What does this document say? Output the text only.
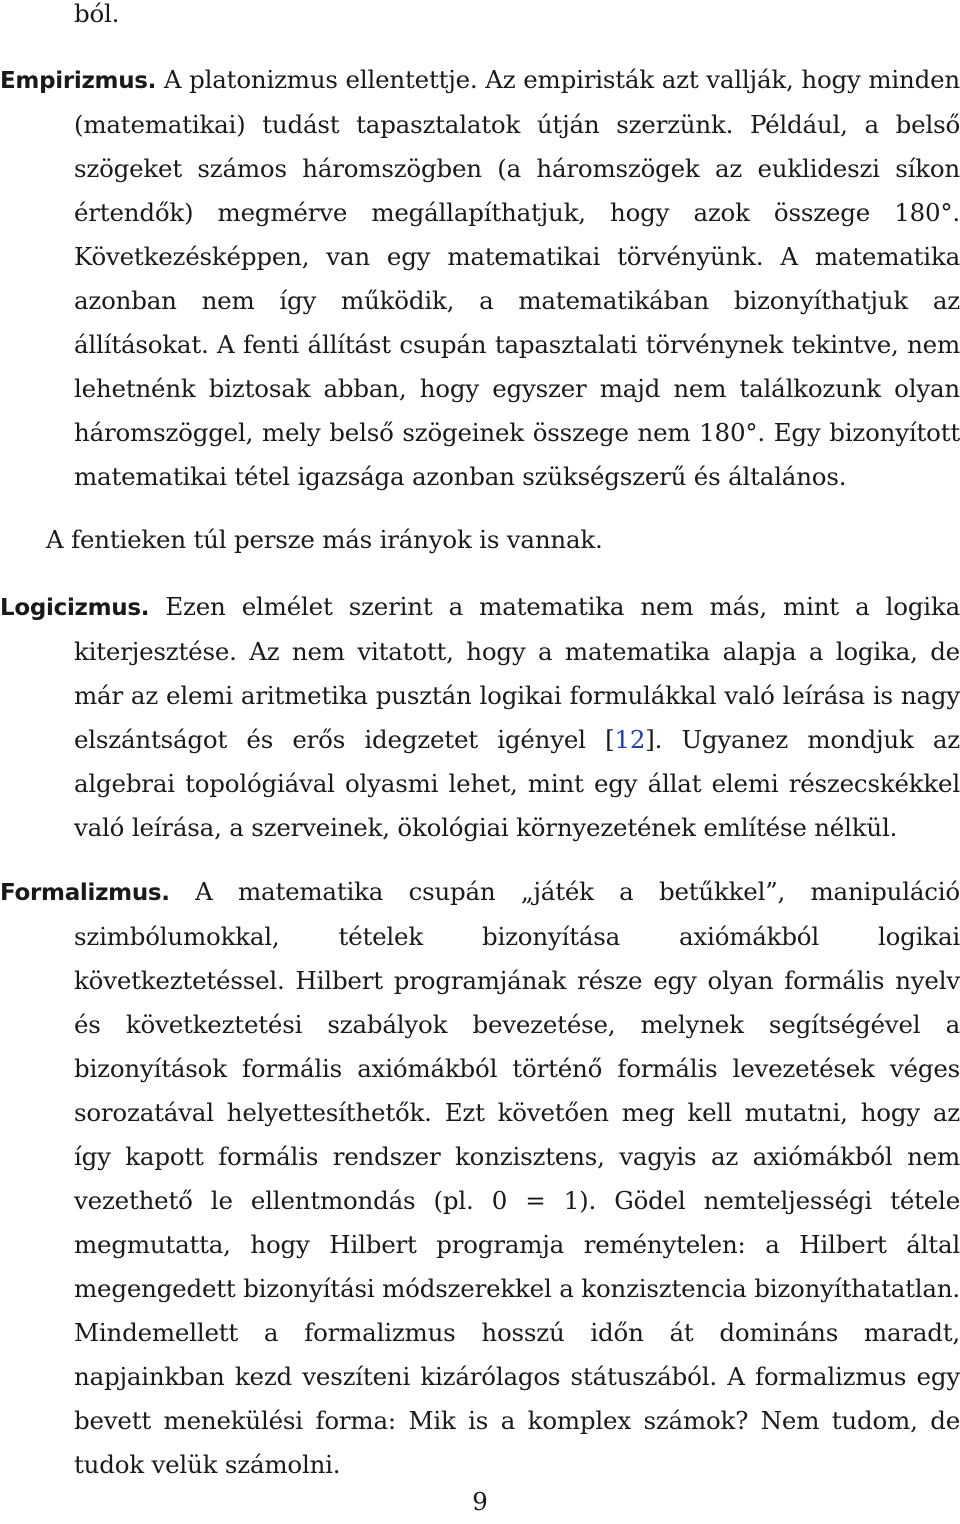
ból.

Empirizmus. A platonizmus ellentettje. Az empiristák azt vallják, hogy minden (matematikai) tudást tapasztalatok útján szerzünk. Például, a belső szögeket számos háromszögben (a háromszögek az euklideszi síkon értendők) megmérve megállapíthatjuk, hogy azok összege 180°. Következésképpen, van egy matematikai törvényünk. A matematika azonban nem így működik, a matematikában bizonyíthatjuk az állításokat. A fenti állítást csupán tapasztalati törvénynek tekintve, nem lehetnénk biztosak abban, hogy egyszer majd nem találkozunk olyan háromszöggel, mely belső szögeinek összege nem 180°. Egy bizonyított matematikai tétel igazsága azonban szükségszerű és általános.

A fentieken túl persze más irányok is vannak.

Logicizmus. Ezen elmélet szerint a matematika nem más, mint a logika kiterjesztése. Az nem vitatott, hogy a matematika alapja a logika, de már az elemi aritmetika pusztán logikai formulákkal való leírása is nagy elszántságot és erős idegzetet igényel [12]. Ugyanez mondjuk az algebrai topológiával olyasmi lehet, mint egy állat elemi részecskékkel való leírása, a szerveinek, ökológiai környezetének említése nélkül.

Formalizmus. A matematika csupán „játék a betűkkel”, manipuláció szimbólumokkal, tételek bizonyítása axiómákból logikai következtetéssel. Hilbert programjának része egy olyan formális nyelv és következtetési szabályok bevezetése, melynek segítségével a bizonyítások formális axiómákból történő formális levezetések véges sorozatával helyettesíthetők. Ezt követően meg kell mutatni, hogy az így kapott formális rendszer konzisztens, vagyis az axiómákból nem vezethető le ellentmondás (pl. 0 = 1). Gödel nemteljességi tétele megmutatta, hogy Hilbert programja reménytelen: a Hilbert által megengedett bizonyítási módszerekkel a konzisztencia bizonyíthatatlan. Mindemellett a formalizmus hosszú időn át domináns maradt, napjainkban kezd veszíteni kizárólagos státuszából. A formalizmus egy bevett menekülési forma: Mik is a komplex számok? Nem tudom, de tudok velük számolni.

9
